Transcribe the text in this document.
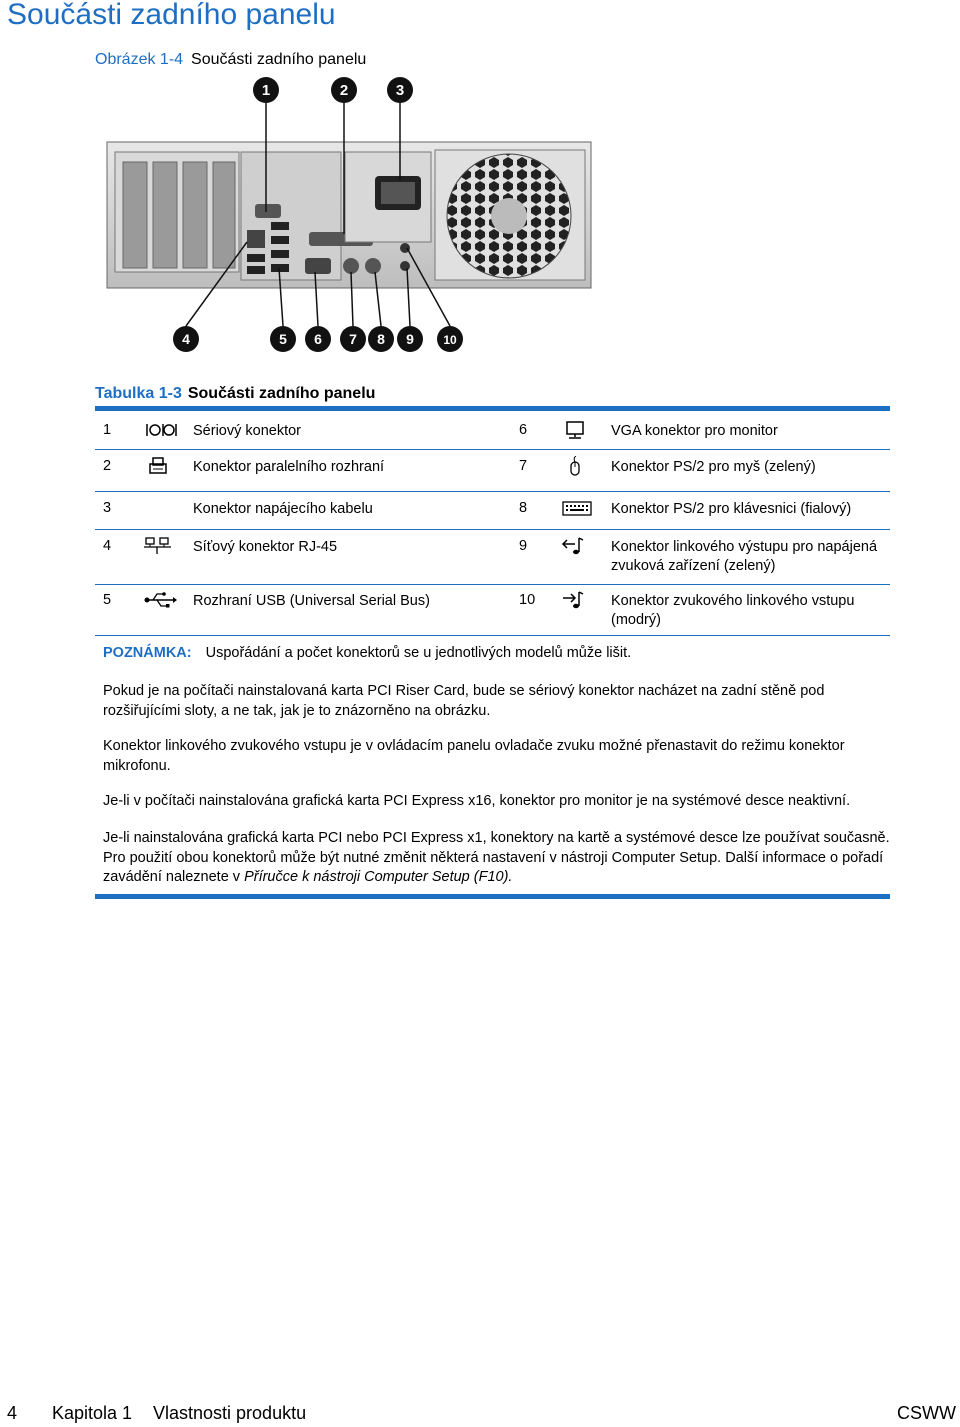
Součásti zadního panelu
Obrázek 1-4 Součásti zadního panelu
1	2	3
4	5 6 7 8 9 10
Tabulka 1-3 Součásti zadního panelu
1	Sériový konektor	6	VGA konektor pro monitor
2	Konektor paralelního rozhraní	7	Konektor PS/2 pro myš (zelený)
3	Konektor napájecího kabelu	8	Konektor PS/2 pro klávesnici (fialový)
4	Síťový konektor RJ-45	9	Konektor linkového výstupu pro napájená zvuková zařízení (zelený)
5	Rozhraní USB (Universal Serial Bus)	10	Konektor zvukového linkového vstupu (modrý)
POZNÁMKA: Uspořádání a počet konektorů se u jednotlivých modelů může lišit.
Pokud je na počítači nainstalovaná karta PCI Riser Card, bude se sériový konektor nacházet na zadní stěně pod rozšiřujícími sloty, a ne tak, jak je to znázorněno na obrázku.
Konektor linkového zvukového vstupu je v ovládacím panelu ovladače zvuku možné přenastavit do režimu konektor mikrofonu.
Je-li v počítači nainstalována grafická karta PCI Express x16, konektor pro monitor je na systémové desce neaktivní.
Je-li nainstalována grafická karta PCI nebo PCI Express x1, konektory na kartě a systémové desce lze používat současně. Pro použití obou konektorů může být nutné změnit některá nastavení v nástroji Computer Setup. Další informace o pořadí zavádění naleznete v Příručce k nástroji Computer Setup (F10).
4 Kapitola 1 Vlastnosti produktu	CSWW
